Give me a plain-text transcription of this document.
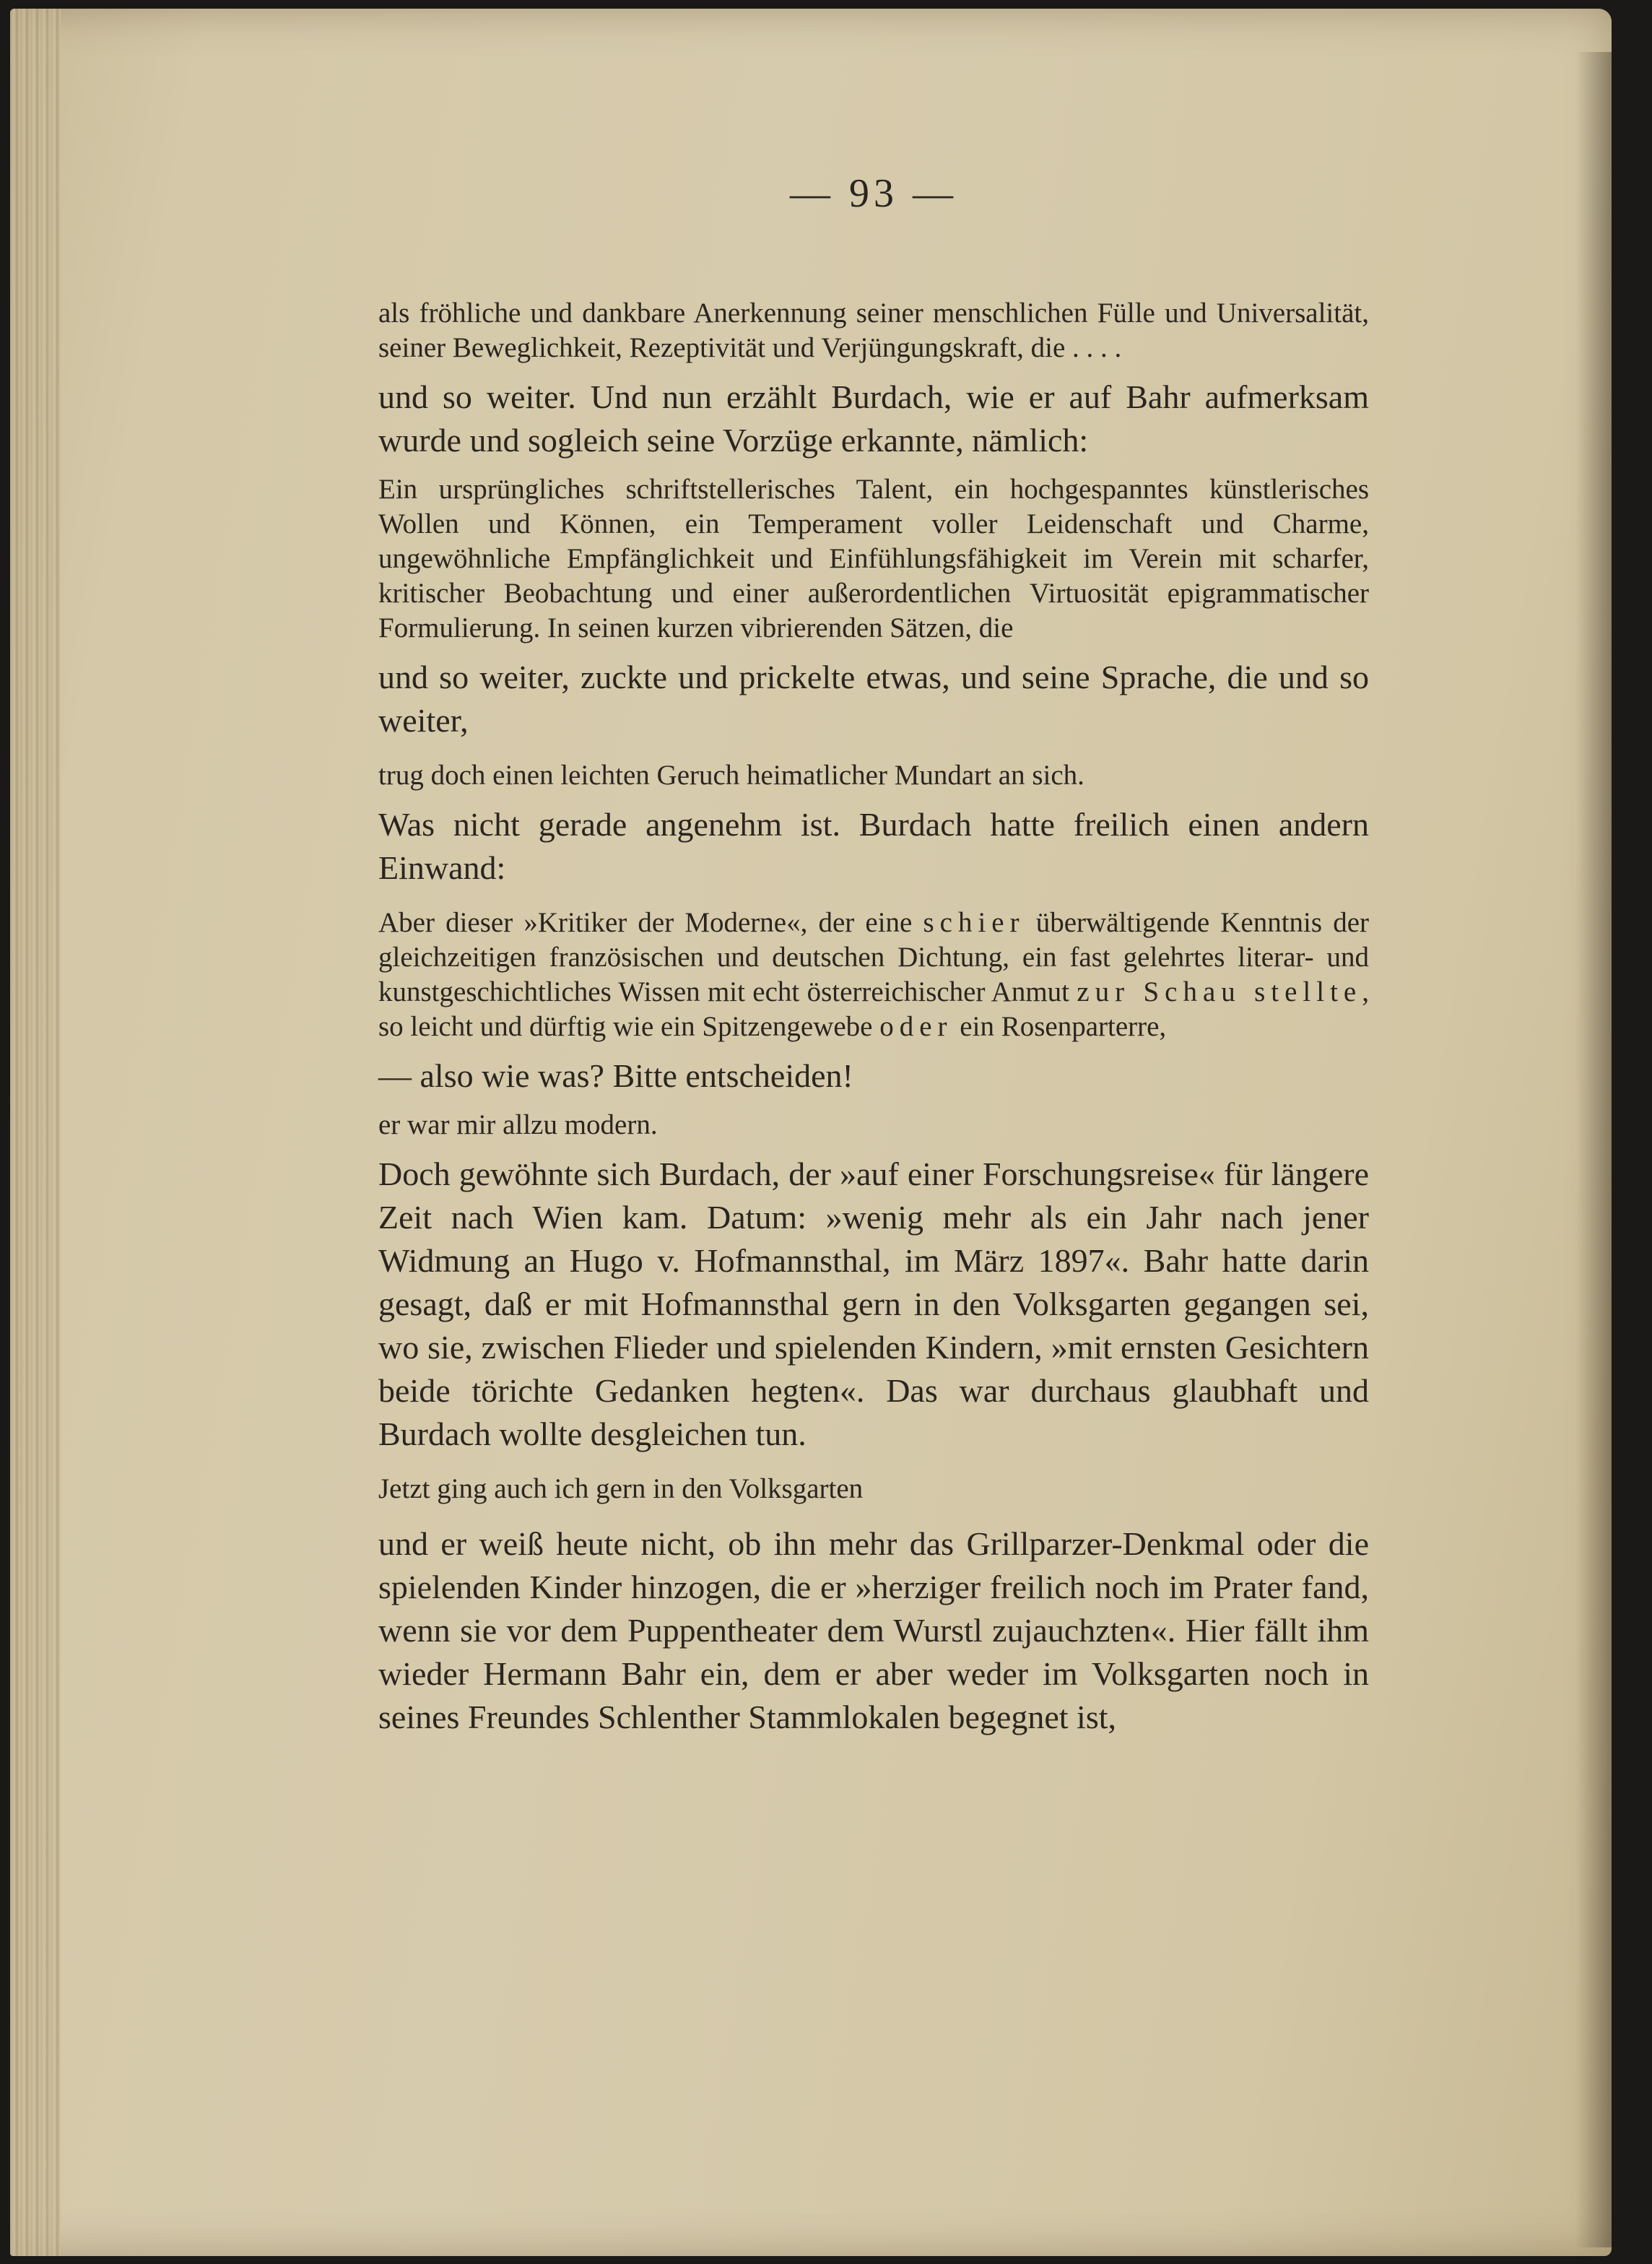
— 93 —

als fröhliche und dankbare Anerkennung seiner menschlichen Fülle und Universalität, seiner Beweglichkeit, Rezeptivität und Verjüngungskraft, die . . . .

und so weiter. Und nun erzählt Burdach, wie er auf Bahr aufmerksam wurde und sogleich seine Vorzüge erkannte, nämlich:

Ein ursprüngliches schriftstellerisches Talent, ein hochgespanntes künstlerisches Wollen und Können, ein Temperament voller Leidenschaft und Charme, ungewöhnliche Empfänglichkeit und Einfühlungsfähigkeit im Verein mit scharfer, kritischer Beobachtung und einer außerordentlichen Virtuosität epigrammatischer Formulierung. In seinen kurzen vibrierenden Sätzen, die

und so weiter, zuckte und prickelte etwas, und seine Sprache, die und so weiter,

trug doch einen leichten Geruch heimatlicher Mundart an sich.

Was nicht gerade angenehm ist. Burdach hatte freilich einen andern Einwand:

Aber dieser »Kritiker der Moderne«, der eine schier überwältigende Kenntnis der gleichzeitigen französischen und deutschen Dichtung, ein fast gelehrtes literar- und kunstgeschichtliches Wissen mit echt österreichischer Anmut zur Schau stellte, so leicht und dürftig wie ein Spitzengewebe oder ein Rosenparterre,

— also wie was? Bitte entscheiden!

er war mir allzu modern.

Doch gewöhnte sich Burdach, der »auf einer Forschungsreise« für längere Zeit nach Wien kam. Datum: »wenig mehr als ein Jahr nach jener Widmung an Hugo v. Hofmannsthal, im März 1897«. Bahr hatte darin gesagt, daß er mit Hofmannsthal gern in den Volksgarten gegangen sei, wo sie, zwischen Flieder und spielenden Kindern, »mit ernsten Gesichtern beide törichte Gedanken hegten«. Das war durchaus glaubhaft und Burdach wollte desgleichen tun.

Jetzt ging auch ich gern in den Volksgarten

und er weiß heute nicht, ob ihn mehr das Grillparzer-Denkmal oder die spielenden Kinder hinzogen, die er »herziger freilich noch im Prater fand, wenn sie vor dem Puppentheater dem Wurstl zujauchzten«. Hier fällt ihm wieder Hermann Bahr ein, dem er aber weder im Volksgarten noch in seines Freundes Schlenther Stammlokalen begegnet ist,
